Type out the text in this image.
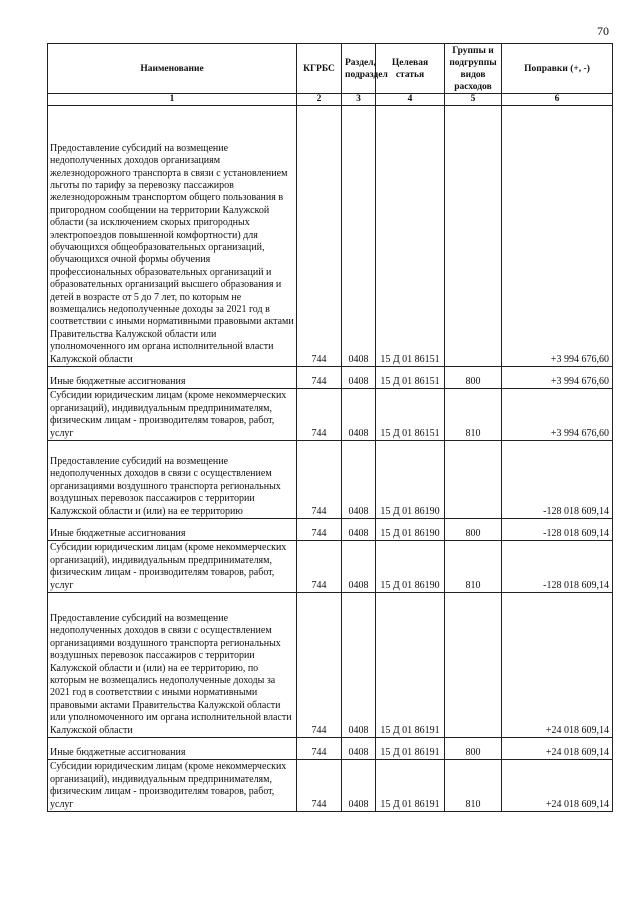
70
Наименование	КГРБС	Раздел, подраздел	Целевая статья	Группы и подгруппы видов расходов	Поправки (+, -)
1	2	3	4	5	6
Предоставление субсидий на возмещение недополученных доходов организациям железнодорожного транспорта в связи с установлением льготы по тарифу за перевозку пассажиров железнодорожным транспортом общего пользования в пригородном сообщении на территории Калужской области (за исключением скорых пригородных электропоездов повышенной комфортности) для обучающихся общеобразовательных организаций, обучающихся очной формы обучения профессиональных образовательных организаций и образовательных организаций высшего образования и детей в возрасте от 5 до 7 лет, по которым не возмещались недополученные доходы за 2021 год в соответствии с иными нормативными правовыми актами Правительства Калужской области или уполномоченного им органа исполнительной власти Калужской области	744	0408	15 Д 01 86151		+3 994 676,60
Иные бюджетные ассигнования	744	0408	15 Д 01 86151	800	+3 994 676,60
Субсидии юридическим лицам (кроме некоммерческих организаций), индивидуальным предпринимателям, физическим лицам - производителям товаров, работ, услуг	744	0408	15 Д 01 86151	810	+3 994 676,60
Предоставление субсидий на возмещение недополученных доходов в связи с осуществлением организациями воздушного транспорта региональных воздушных перевозок пассажиров с территории Калужской области и (или) на ее территорию	744	0408	15 Д 01 86190		-128 018 609,14
Иные бюджетные ассигнования	744	0408	15 Д 01 86190	800	-128 018 609,14
Субсидии юридическим лицам (кроме некоммерческих организаций), индивидуальным предпринимателям, физическим лицам - производителям товаров, работ, услуг	744	0408	15 Д 01 86190	810	-128 018 609,14
Предоставление субсидий на возмещение недополученных доходов в связи с осуществлением организациями воздушного транспорта региональных воздушных перевозок пассажиров с территории Калужской области и (или) на ее территорию, по которым не возмещались недополученные доходы за 2021 год в соответствии с иными нормативными правовыми актами Правительства Калужской области или уполномоченного им органа исполнительной власти Калужской области	744	0408	15 Д 01 86191		+24 018 609,14
Иные бюджетные ассигнования	744	0408	15 Д 01 86191	800	+24 018 609,14
Субсидии юридическим лицам (кроме некоммерческих организаций), индивидуальным предпринимателям, физическим лицам - производителям товаров, работ, услуг	744	0408	15 Д 01 86191	810	+24 018 609,14
